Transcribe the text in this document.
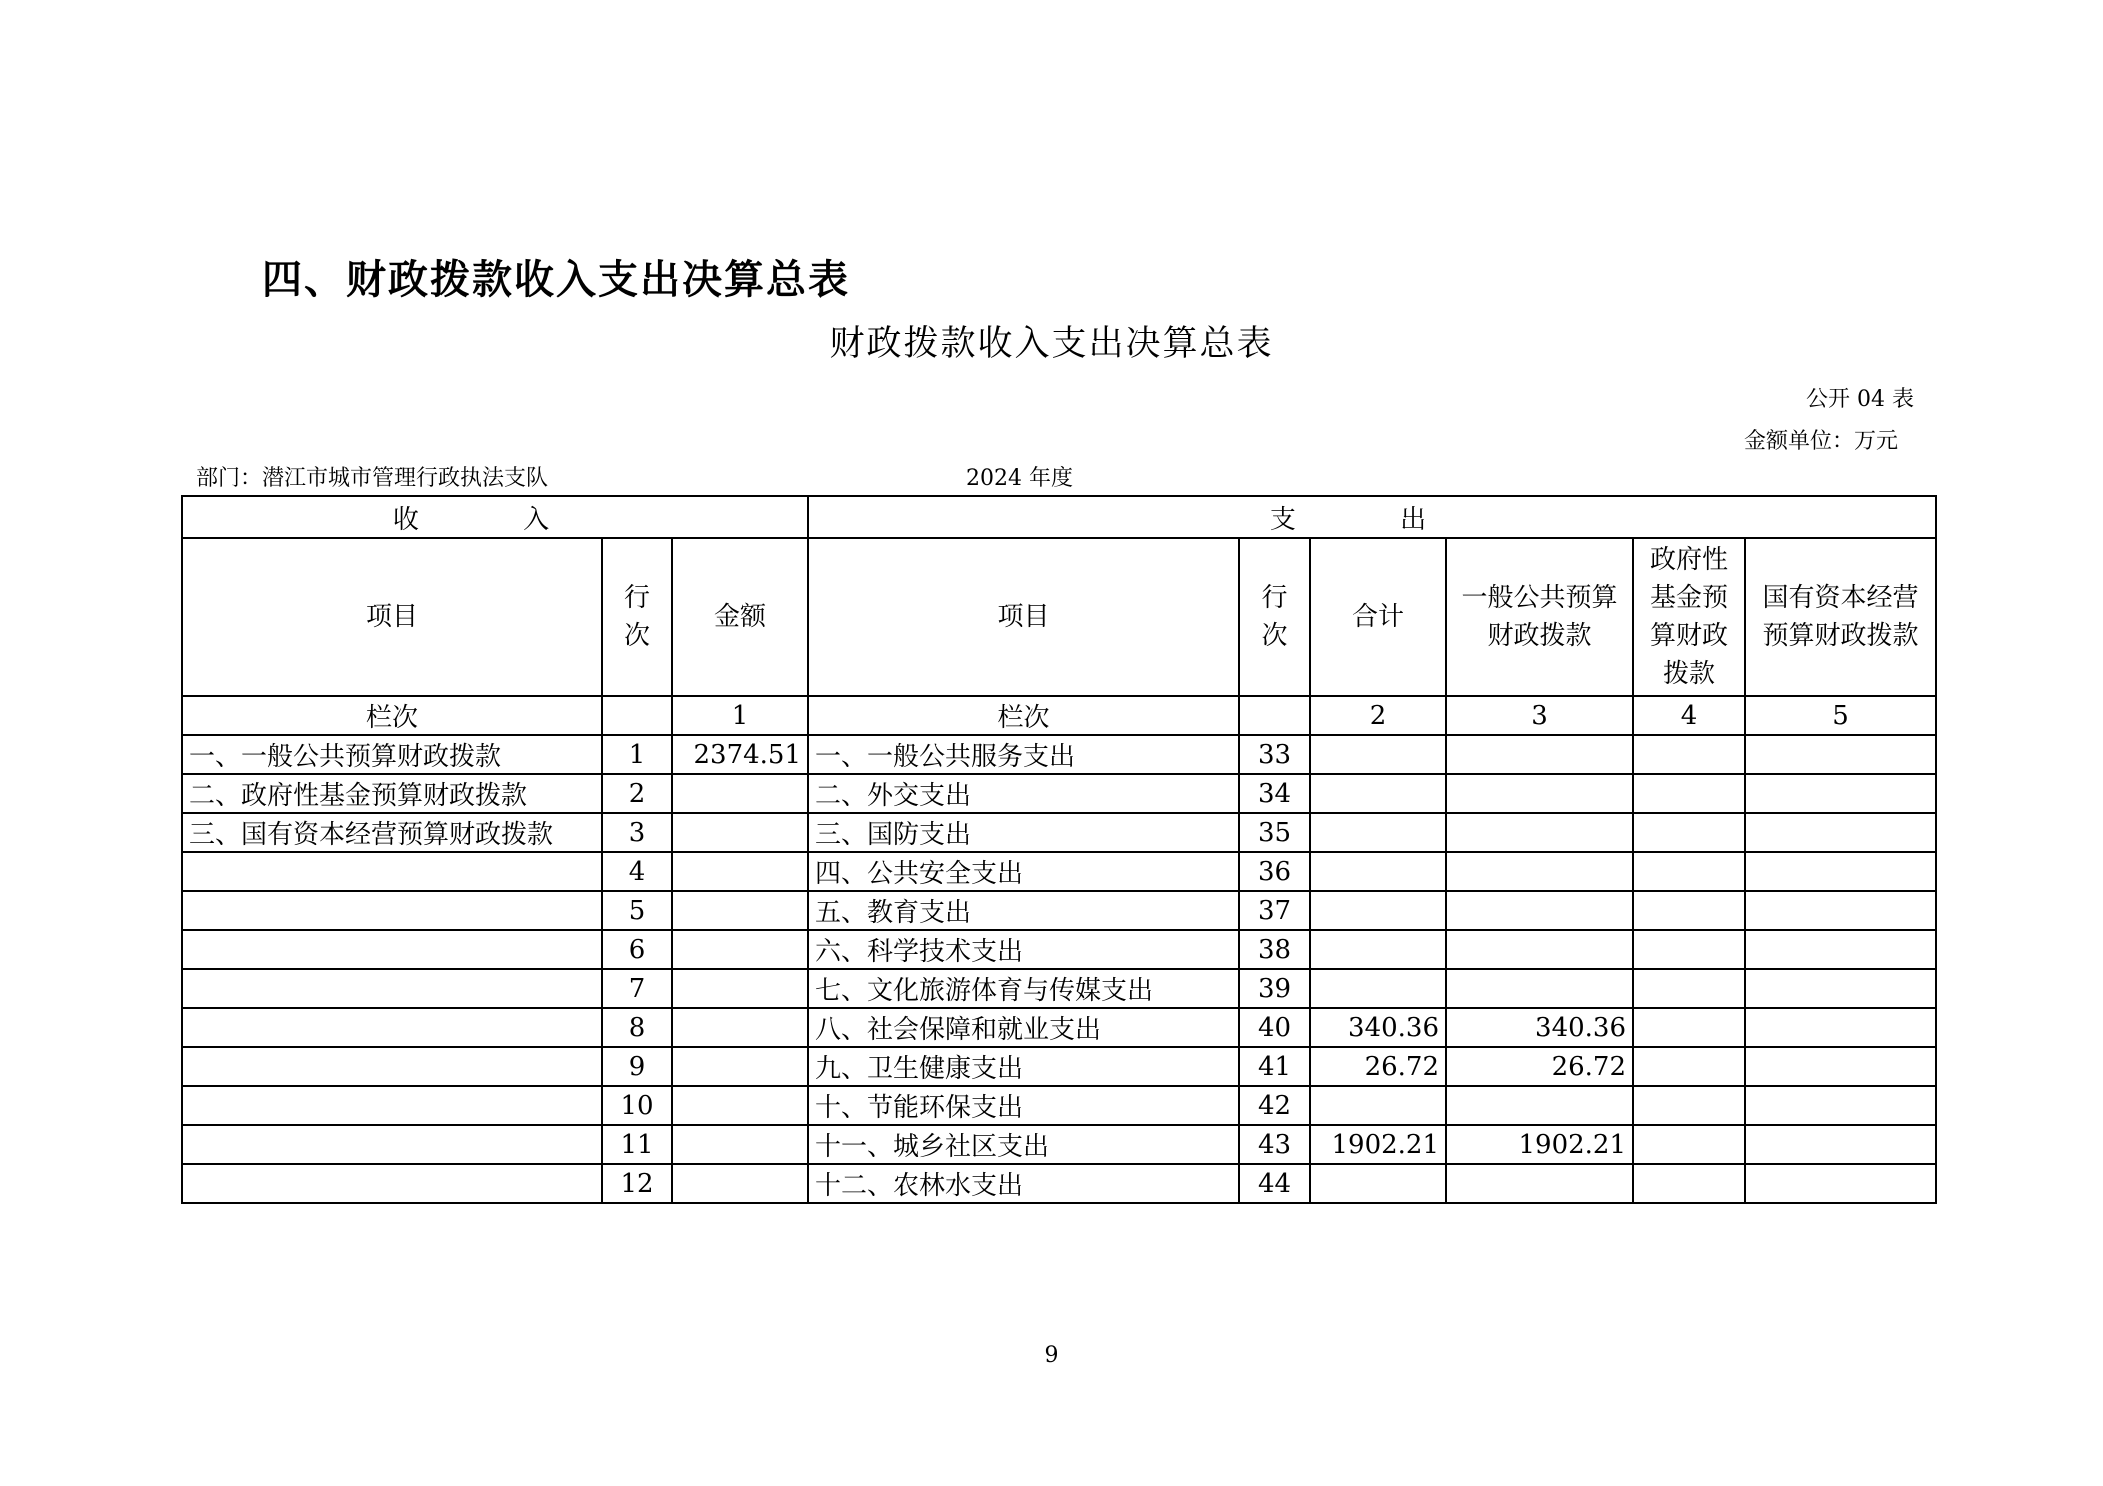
四、财政拨款收入支出决算总表
财政拨款收入支出决算总表
公开 04 表
金额单位：万元
部门：潜江市城市管理行政执法支队	2024 年度
收 入			支 出					
项目	行次	金额	项目	行次	合计	一般公共预算财政拨款	政府性基金预算财政拨款	国有资本经营预算财政拨款
栏次		1	栏次		2	3	4	5
一、一般公共预算财政拨款	1	2374.51	一、一般公共服务支出	33				
二、政府性基金预算财政拨款	2		二、外交支出	34				
三、国有资本经营预算财政拨款	3		三、国防支出	35				
	4		四、公共安全支出	36				
	5		五、教育支出	37				
	6		六、科学技术支出	38				
	7		七、文化旅游体育与传媒支出	39				
	8		八、社会保障和就业支出	40	340.36	340.36		
	9		九、卫生健康支出	41	26.72	26.72		
	10		十、节能环保支出	42				
	11		十一、城乡社区支出	43	1902.21	1902.21		
	12		十二、农林水支出	44				
9
